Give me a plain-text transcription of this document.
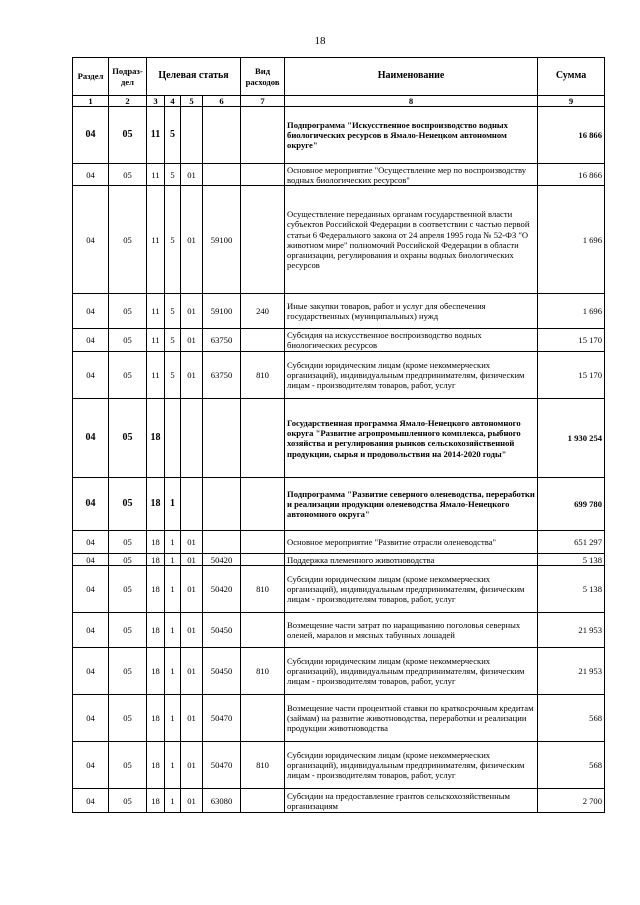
18
Раздел	Подраз-дел	Целевая статья				Вид расходов	Наименование	Сумма

1	2	3	4	5	6	7	8	9
04	05	11	5				Подпрограмма "Искусственное воспроизводство водных биологических ресурсов в Ямало-Ненецком автономном округе"	16 866
04	05	11	5	01			Основное мероприятие "Осуществление мер по воспроизводству водных биологических ресурсов"	16 866
04	05	11	5	01	59100		Осуществление переданных органам государственной власти субъектов Российской Федерации в соответствии с частью первой статьи 6 Федерального закона от 24 апреля 1995 года № 52-ФЗ "О животном мире" полномочий Российской Федерации в области организации, регулирования и охраны водных биологических ресурсов	1 696
04	05	11	5	01	59100	240	Иные закупки товаров, работ и услуг для обеспечения государственных (муниципальных) нужд	1 696
04	05	11	5	01	63750		Субсидия на искусственное воспроизводство водных биологических ресурсов	15 170
04	05	11	5	01	63750	810	Субсидии юридическим лицам (кроме некоммерческих организаций), индивидуальным предпринимателям, физическим лицам - производителям товаров, работ, услуг	15 170
04	05	18					Государственная программа Ямало-Ненецкого автономного округа "Развитие агропромышленного комплекса, рыбного хозяйства и регулирования рынков сельскохозяйственной продукции, сырья и продовольствия на 2014-2020 годы"	1 930 254
04	05	18	1				Подпрограмма "Развитие северного оленеводства, переработки и реализации продукции оленеводства Ямало-Ненецкого автономного округа"	699 780
04	05	18	1	01			Основное мероприятие "Развитие отрасли оленеводства"	651 297
04	05	18	1	01	50420		Поддержка племенного животноводства	5 138
04	05	18	1	01	50420	810	Субсидии юридическим лицам (кроме некоммерческих организаций), индивидуальным предпринимателям, физическим лицам - производителям товаров, работ, услуг	5 138
04	05	18	1	01	50450		Возмещение части затрат по наращиванию поголовья северных оленей, маралов и мясных табунных лошадей	21 953
04	05	18	1	01	50450	810	Субсидии юридическим лицам (кроме некоммерческих организаций), индивидуальным предпринимателям, физическим лицам - производителям товаров, работ, услуг	21 953
04	05	18	1	01	50470		Возмещение части процентной ставки по краткосрочным кредитам (займам) на развитие животноводства, переработки и реализации продукции животноводства	568
04	05	18	1	01	50470	810	Субсидии юридическим лицам (кроме некоммерческих организаций), индивидуальным предпринимателям, физическим лицам - производителям товаров, работ, услуг	568
04	05	18	1	01	63080		Субсидии на предоставление грантов сельскохозяйственным организациям	2 700
